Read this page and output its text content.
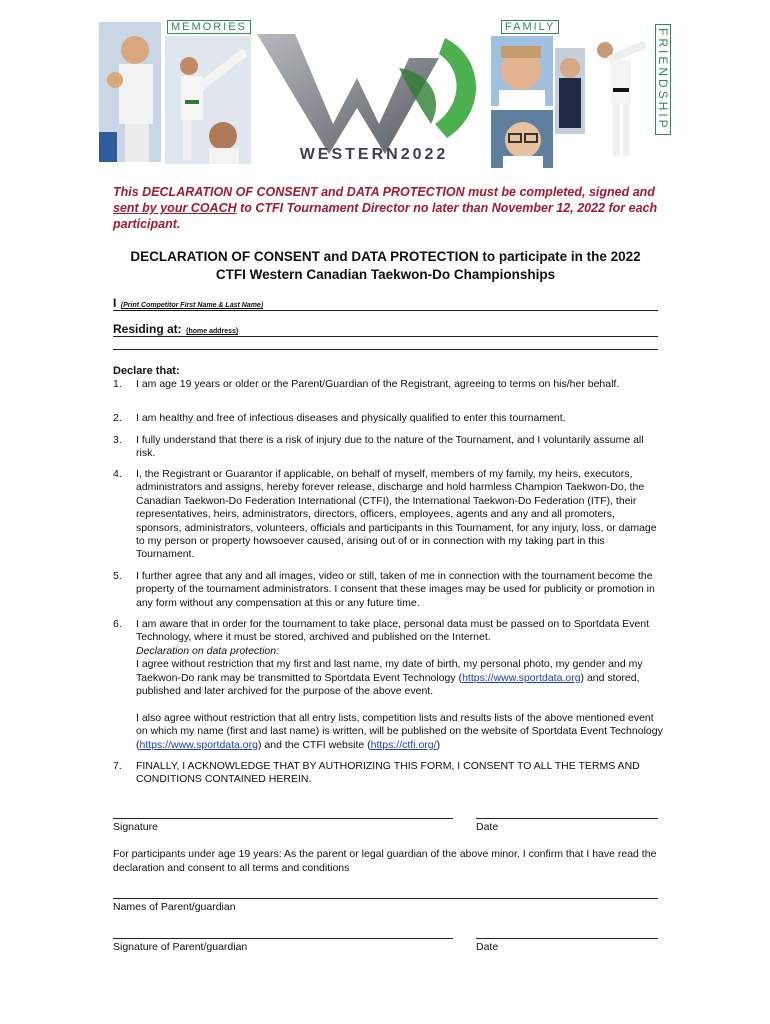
MEMORIES	FAMILY
FRIENDSHIP
WESTERN2022
This DECLARATION OF CONSENT and DATA PROTECTION must be completed, signed and sent by your COACH to CTFI Tournament Director no later than November 12, 2022 for each participant.
DECLARATION OF CONSENT and DATA PROTECTION to participate in the 2022
CTFI Western Canadian Taekwon-Do Championships
I (Print Competitor First Name & Last Name)
Residing at: (home address)
Declare that:
1. I am age 19 years or older or the Parent/Guardian of the Registrant, agreeing to terms on his/her behalf.
2. I am healthy and free of infectious diseases and physically qualified to enter this tournament.
3. I fully understand that there is a risk of injury due to the nature of the Tournament, and I voluntarily assume all risk.
4. I, the Registrant or Guarantor if applicable, on behalf of myself, members of my family, my heirs, executors, administrators and assigns, hereby forever release, discharge and hold harmless Champion Taekwon-Do, the Canadian Taekwon-Do Federation International (CTFI), the International Taekwon-Do Federation (ITF), their representatives, heirs, administrators, directors, officers, employees, agents and any and all promoters, sponsors, administrators, volunteers, officials and participants in this Tournament, for any injury, loss, or damage to my person or property howsoever caused, arising out of or in connection with my taking part in this Tournament.
5. I further agree that any and all images, video or still, taken of me in connection with the tournament become the property of the tournament administrators. I consent that these images may be used for publicity or promotion in any form without any compensation at this or any future time.
6. I am aware that in order for the tournament to take place, personal data must be passed on to Sportdata Event Technology, where it must be stored, archived and published on the Internet.

Declaration on data protection:

I agree without restriction that my first and last name, my date of birth, my personal photo, my gender and my Taekwon-Do rank may be transmitted to Sportdata Event Technology (https://www.sportdata.org) and stored, published and later archived for the purpose of the above event.

I also agree without restriction that all entry lists, competition lists and results lists of the above mentioned event on which my name (first and last name) is written, will be published on the website of Sportdata Event Technology (https://www.sportdata.org) and the CTFI website (https://ctfi.org/)
7. FINALLY, I ACKNOWLEDGE THAT BY AUTHORIZING THIS FORM, I CONSENT TO ALL THE TERMS AND CONDITIONS CONTAINED HEREIN.
Signature	Date
For participants under age 19 years: As the parent or legal guardian of the above minor, I confirm that I have read the declaration and consent to all terms and conditions
Names of Parent/guardian
Signature of Parent/guardian	Date
